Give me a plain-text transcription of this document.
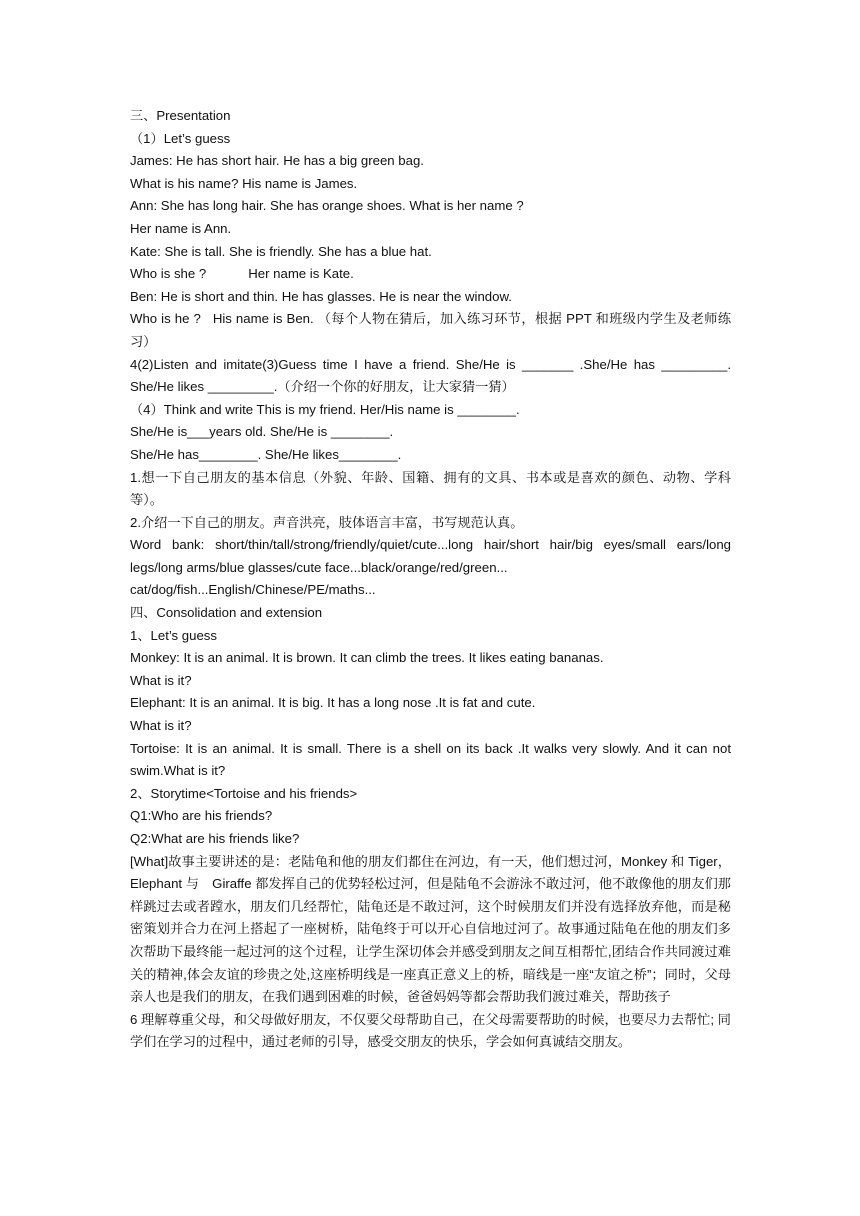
三、Presentation

（1）Let’s guess

James: He has short hair. He has a big green bag.

What is his name? His name is James.

Ann: She has long hair. She has orange shoes. What is her name ?

Her name is Ann.

Kate: She is tall. She is friendly. She has a blue hat.

Who is she ?	Her name is Kate.

Ben: He is short and thin. He has glasses. He is near the window.

Who is he ? His name is Ben. （每个人物在猜后，加入练习环节，根据 PPT 和班级内学生及老师练习）

4(2)Listen and imitate(3)Guess time I have a friend. She/He is _______ .She/He has _________. She/He likes _________.（介绍一个你的好朋友，让大家猜一猜）

（4）Think and write This is my friend. Her/His name is ________.

She/He is___years old. She/He is ________.

She/He has________. She/He likes________.

1.想一下自己朋友的基本信息（外貌、年龄、国籍、拥有的文具、书本或是喜欢的颜色、动物、学科等）。

2.介绍一下自己的朋友。声音洪亮，肢体语言丰富，书写规范认真。

Word bank: short/thin/tall/strong/friendly/quiet/cute...long hair/short hair/big eyes/small ears/long legs/long arms/blue glasses/cute face...black/orange/red/green...

cat/dog/fish...English/Chinese/PE/maths...

四、Consolidation and extension

1、Let’s guess

Monkey: It is an animal. It is brown. It can climb the trees. It likes eating bananas.

What is it?

Elephant: It is an animal. It is big. It has a long nose .It is fat and cute.

What is it?

Tortoise: It is an animal. It is small. There is a shell on its back .It walks very slowly. And it can not swim.What is it?

2、Storytime<Tortoise and his friends>

Q1:Who are his friends?

Q2:What are his friends like?

[What]故事主要讲述的是：老陆龟和他的朋友们都住在河边，有一天，他们想过河，Monkey 和 Tiger，Elephant 与　Giraffe 都发挥自己的优势轻松过河，但是陆龟不会游泳不敢过河，他不敢像他的朋友们那样跳过去或者蹚水，朋友们几经帮忙，陆龟还是不敢过河，这个时候朋友们并没有选择放弃他，而是秘密策划并合力在河上搭起了一座树桥，陆龟终于可以开心自信地过河了。故事通过陆龟在他的朋友们多次帮助下最终能一起过河的这个过程，让学生深切体会并感受到朋友之间互相帮忙,团结合作共同渡过难关的精神,体会友谊的珍贵之处,这座桥明线是一座真正意义上的桥，暗线是一座“友谊之桥”；同时，父母亲人也是我们的朋友，在我们遇到困难的时候，爸爸妈妈等都会帮助我们渡过难关，帮助孩子

6 理解尊重父母，和父母做好朋友，不仅要父母帮助自己，在父母需要帮助的时候，也要尽力去帮忙; 同学们在学习的过程中，通过老师的引导，感受交朋友的快乐，学会如何真诚结交朋友。
